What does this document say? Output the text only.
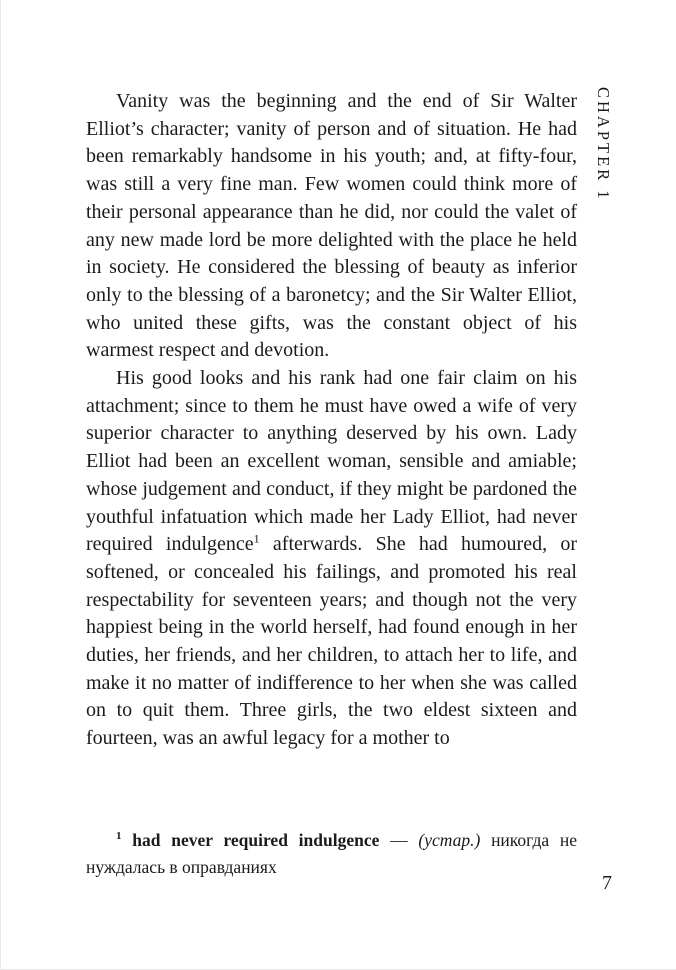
CHAPTER 1

Vanity was the beginning and the end of Sir Walter Elliot’s character; vanity of person and of situation. He had been remarkably handsome in his youth; and, at fifty-four, was still a very fine man. Few women could think more of their personal appearance than he did, nor could the valet of any new made lord be more delighted with the place he held in society. He considered the blessing of beauty as inferior only to the blessing of a baronetcy; and the Sir Walter Elliot, who united these gifts, was the constant object of his warmest respect and devotion.

His good looks and his rank had one fair claim on his attachment; since to them he must have owed a wife of very superior character to anything deserved by his own. Lady Elliot had been an excellent woman, sensible and amiable; whose judgement and conduct, if they might be pardoned the youthful infatuation which made her Lady Elliot, had never required indulgence$^1$ afterwards. She had humoured, or softened, or concealed his failings, and promoted his real respectability for seventeen years; and though not the very happiest being in the world herself, had found enough in her duties, her friends, and her children, to attach her to life, and make it no matter of indifference to her when she was called on to quit them. Three girls, the two eldest sixteen and fourteen, was an awful legacy for a mother to

$^1$ had never required indulgence — (устар.) никогда не нуждалась в оправданиях
7
